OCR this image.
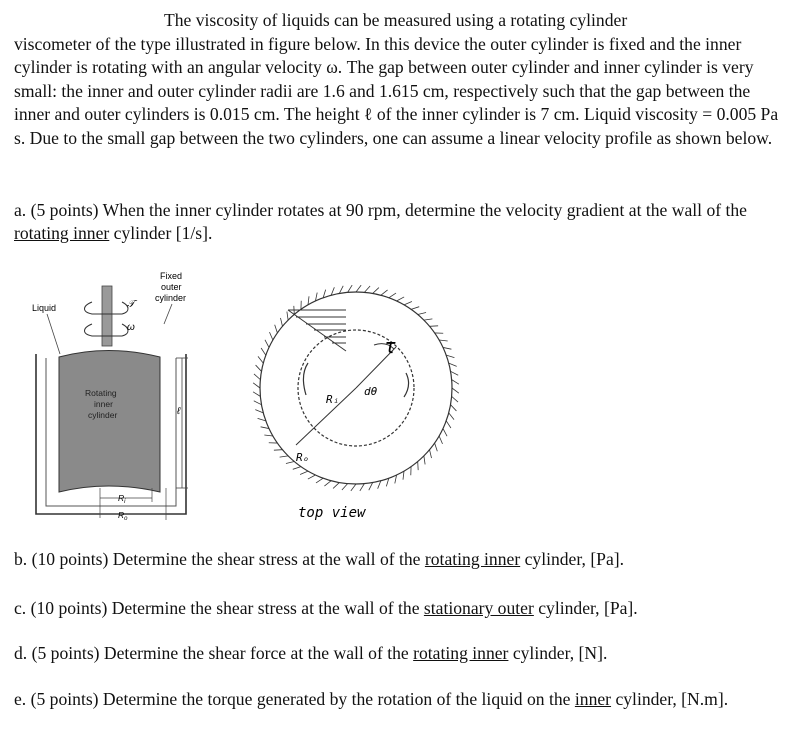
The viscosity of liquids can be measured using a rotating cylinder
viscometer of the type illustrated in figure below. In this device the outer cylinder is fixed and the inner cylinder is rotating with an angular velocity ω. The gap between outer cylinder and inner cylinder is very small: the inner and outer cylinder radii are 1.6 and 1.615 cm, respectively such that the gap between the inner and outer cylinders is 0.015 cm. The height ℓ of the inner cylinder is 7 cm. Liquid viscosity = 0.005 Pa s. Due to the small gap between the two cylinders, one can assume a linear velocity profile as shown below.
a. (5 points) When the inner cylinder rotates at 90 rpm, determine the velocity gradient at the wall of the rotating inner cylinder [1/s].
Fixed
outer
cylinder
Liquid	𝒯
ω
Rotating
inner
cylinder	ℓ
$R_i$
$R_o$
τ
Rᵢ
Rₒ
dθ
top view
b. (10 points) Determine the shear stress at the wall of the rotating inner cylinder, [Pa].
c. (10 points) Determine the shear stress at the wall of the stationary outer cylinder, [Pa].
d. (5 points) Determine the shear force at the wall of the rotating inner cylinder, [N].
e. (5 points) Determine the torque generated by the rotation of the liquid on the inner cylinder, [N.m].
